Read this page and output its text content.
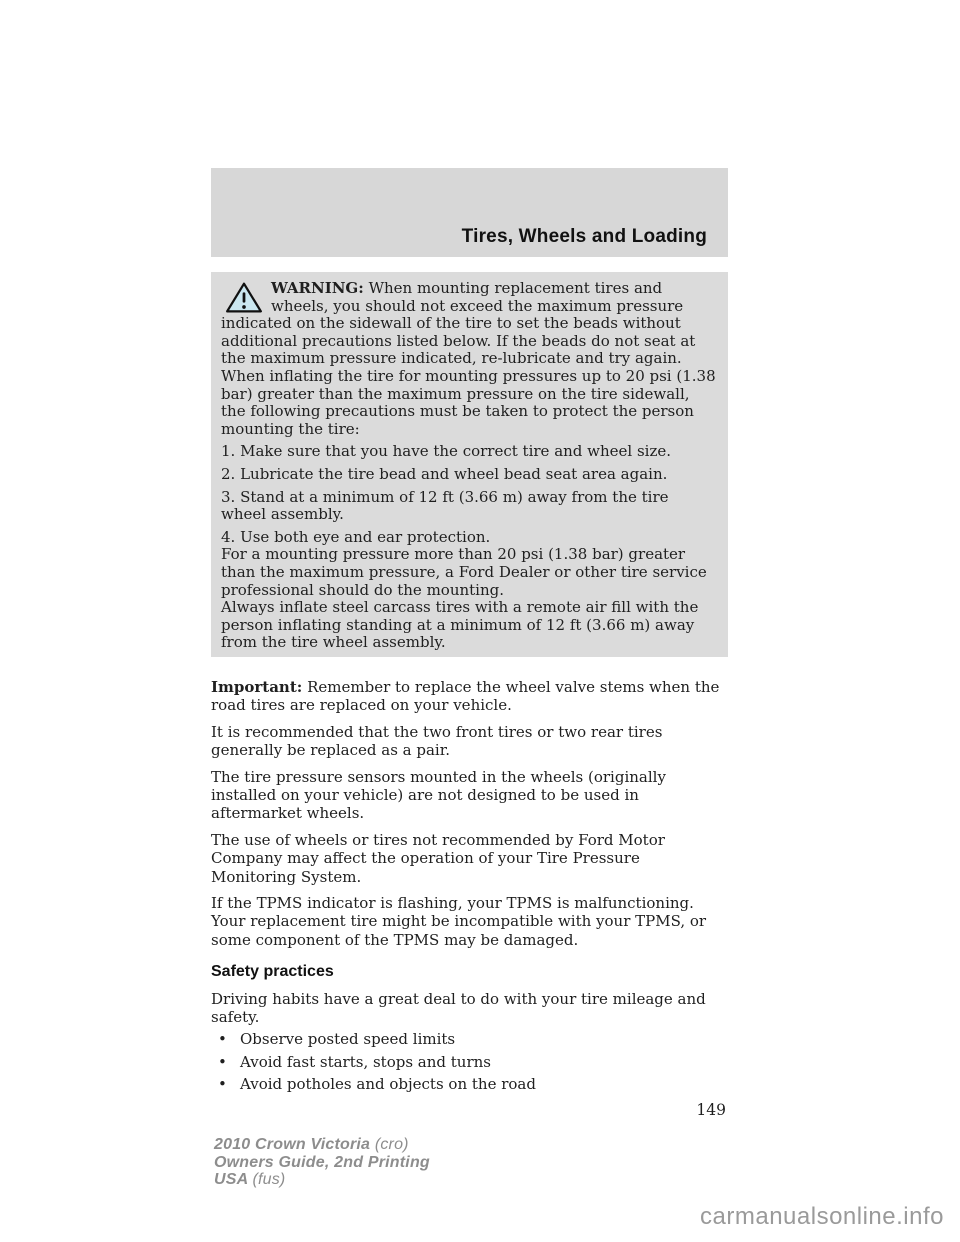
Tires, Wheels and Loading

WARNING: When mounting replacement tires and wheels, you should not exceed the maximum pressure indicated on the sidewall of the tire to set the beads without additional precautions listed below. If the beads do not seat at the maximum pressure indicated, re-lubricate and try again.

When inflating the tire for mounting pressures up to 20 psi (1.38 bar) greater than the maximum pressure on the tire sidewall, the following precautions must be taken to protect the person mounting the tire:

1. Make sure that you have the correct tire and wheel size.

2. Lubricate the tire bead and wheel bead seat area again.

3. Stand at a minimum of 12 ft (3.66 m) away from the tire wheel assembly.

4. Use both eye and ear protection.

For a mounting pressure more than 20 psi (1.38 bar) greater than the maximum pressure, a Ford Dealer or other tire service professional should do the mounting.

Always inflate steel carcass tires with a remote air fill with the person inflating standing at a minimum of 12 ft (3.66 m) away from the tire wheel assembly.

Important: Remember to replace the wheel valve stems when the road tires are replaced on your vehicle.

It is recommended that the two front tires or two rear tires generally be replaced as a pair.

The tire pressure sensors mounted in the wheels (originally installed on your vehicle) are not designed to be used in aftermarket wheels.

The use of wheels or tires not recommended by Ford Motor Company may affect the operation of your Tire Pressure Monitoring System.

If the TPMS indicator is flashing, your TPMS is malfunctioning. Your replacement tire might be incompatible with your TPMS, or some component of the TPMS may be damaged.

Safety practices

Driving habits have a great deal to do with your tire mileage and safety.

• Observe posted speed limits
• Avoid fast starts, stops and turns
• Avoid potholes and objects on the road
149
2010 Crown Victoria (cro)
Owners Guide, 2nd Printing
USA (fus)
carmanualsonline.info
